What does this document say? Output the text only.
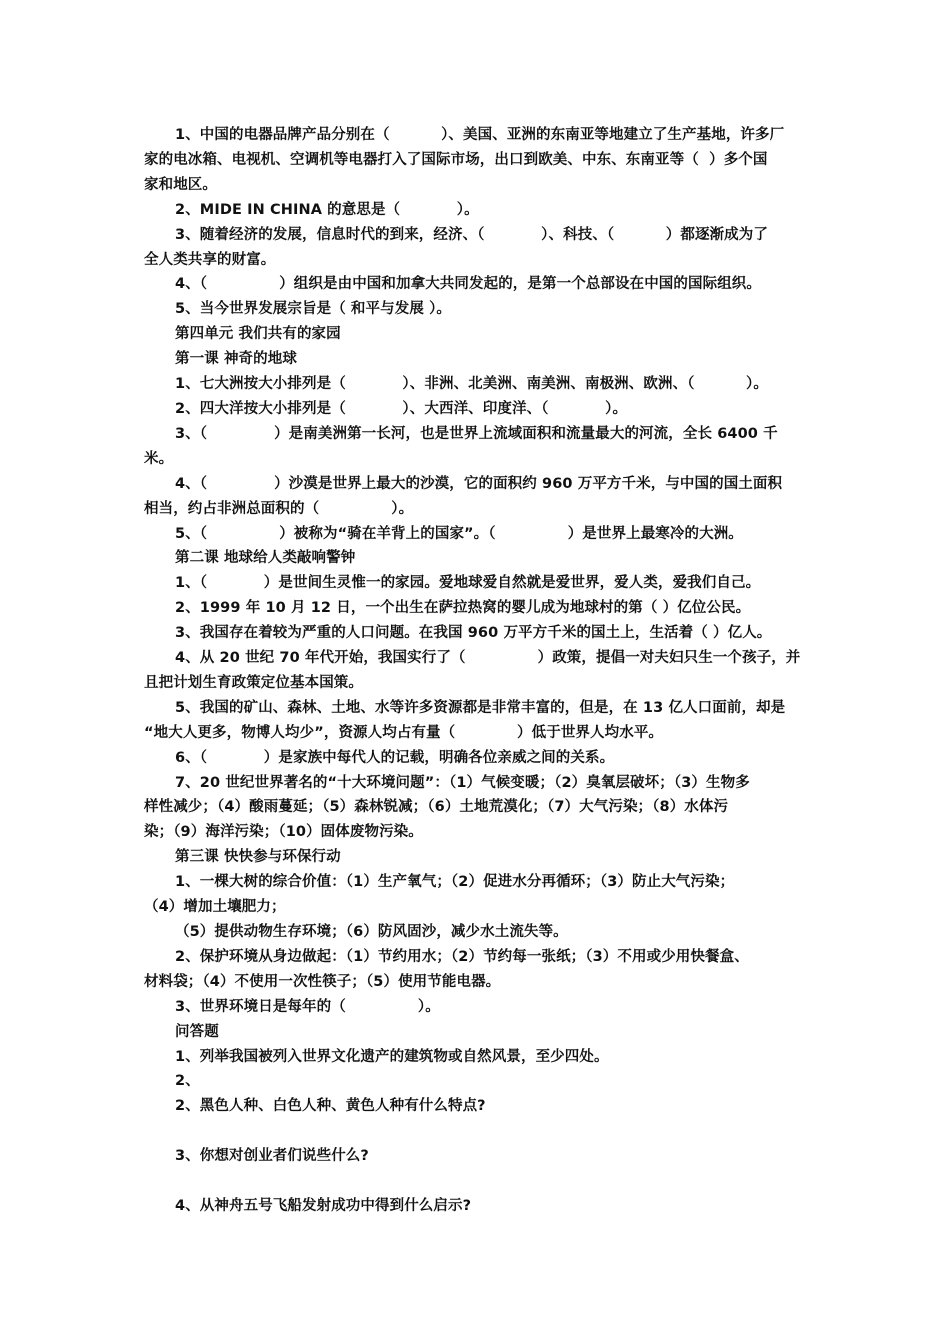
1、中国的电器品牌产品分别在（          ）、美国、亚洲的东南亚等地建立了生产基地，许多厂
家的电冰箱、电视机、空调机等电器打入了国际市场，出口到欧美、中东、东南亚等（  ）多个国
家和地区。
2、MIDE IN CHINA 的意思是（           ）。
3、随着经济的发展，信息时代的到来，经济、（           ）、科技、（          ）都逐渐成为了
全人类共享的财富。
4、（              ）组织是由中国和加拿大共同发起的，是第一个总部设在中国的国际组织。
5、当今世界发展宗旨是（ 和平与发展 ）。
第四单元 我们共有的家园
第一课 神奇的地球
1、七大洲按大小排列是（           ）、非洲、北美洲、南美洲、南极洲、欧洲、（          ）。
2、四大洋按大小排列是（           ）、大西洋、印度洋、（           ）。
3、（             ）是南美洲第一长河，也是世界上流域面积和流量最大的河流，全长 6400 千
米。
4、（             ）沙漠是世界上最大的沙漠，它的面积约 960 万平方千米，与中国的国土面积
相当，约占非洲总面积的（              ）。
5、（              ）被称为“骑在羊背上的国家”。（              ）是世界上最寒冷的大洲。
第二课 地球给人类敲响警钟
1、（           ）是世间生灵惟一的家园。爱地球爱自然就是爱世界，爱人类，爱我们自己。
2、1999 年 10 月 12 日，一个出生在萨拉热窝的婴儿成为地球村的第（ ）亿位公民。
3、我国存在着较为严重的人口问题。在我国 960 万平方千米的国土上，生活着（ ）亿人。
4、从 20 世纪 70 年代开始，我国实行了（              ）政策，提倡一对夫妇只生一个孩子，并
且把计划生育政策定位基本国策。
5、我国的矿山、森林、土地、水等许多资源都是非常丰富的，但是，在 13 亿人口面前，却是
“地大人更多，物博人均少”，资源人均占有量（            ）低于世界人均水平。
6、（           ）是家族中每代人的记载，明确各位亲威之间的关系。
7、20 世纪世界著名的“十大环境问题”：（1）气候变暖；（2）臭氧层破坏；（3）生物多
样性减少；（4）酸雨蔓延；（5）森林锐减；（6）土地荒漠化；（7）大气污染；（8）水体污
染；（9）海洋污染；（10）固体废物污染。
第三课 快快参与环保行动
1、一棵大树的综合价值：（1）生产氧气；（2）促进水分再循环；（3）防止大气污染；
（4）增加土壤肥力；
（5）提供动物生存环境；（6）防风固沙，减少水土流失等。
2、保护环境从身边做起：（1）节约用水；（2）节约每一张纸；（3）不用或少用快餐盒、
材料袋；（4）不使用一次性筷子；（5）使用节能电器。
3、世界环境日是每年的（              ）。
问答题
1、列举我国被列入世界文化遗产的建筑物或自然风景，至少四处。
2、
2、黑色人种、白色人种、黄色人种有什么特点?
3、你想对创业者们说些什么?
4、从神舟五号飞船发射成功中得到什么启示?
